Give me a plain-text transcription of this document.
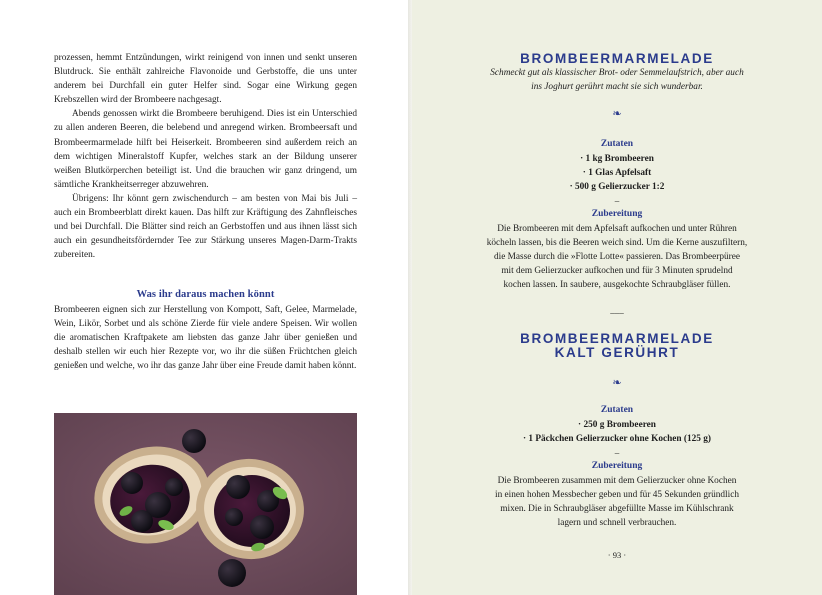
prozessen, hemmt Entzündungen, wirkt reinigend von innen und senkt unseren Blutdruck. Sie enthält zahlreiche Flavonoide und Gerbstoffe, die uns unter anderem bei Durchfall ein guter Helfer sind. Sogar eine Wirkung gegen Krebszellen wird der Brombeere nachgesagt.

Abends genossen wirkt die Brombeere beruhigend. Dies ist ein Unterschied zu allen anderen Beeren, die belebend und anregend wirken. Brombeersaft und Brombeermarmelade hilft bei Heiserkeit. Brombeeren sind außerdem reich an dem wichtigen Mineralstoff Kupfer, welches stark an der Bildung unserer weißen Blutkörperchen beteiligt ist. Und die brauchen wir ganz dringend, um sämtliche Krankheitserreger abzuwehren.

Übrigens: Ihr könnt gern zwischendurch – am besten von Mai bis Juli – auch ein Brombeerblatt direkt kauen. Das hilft zur Kräftigung des Zahnfleisches und bei Durchfall. Die Blätter sind reich an Gerbstoffen und aus ihnen lässt sich auch ein gesundheitsfördernder Tee zur Stärkung unseres Magen-Darm-Trakts zubereiten.

Was ihr daraus machen könnt
Brombeeren eignen sich zur Herstellung von Kompott, Saft, Gelee, Marmelade, Wein, Likör, Sorbet und als schöne Zierde für viele andere Speisen. Wir wollen die aromatischen Kraftpakete am liebsten das ganze Jahr über genießen und deshalb stellen wir euch hier Rezepte vor, wo ihr die süßen Früchtchen gleich genießen und welche, wo ihr das ganze Jahr über eine Freude damit haben könnt.
BROMBEERMARMELADE
Schmeckt gut als klassischer Brot- oder Semmelaufstrich, aber auch
ins Joghurt gerührt macht sie sich wunderbar.
❧
Zutaten
· 1 kg Brombeeren
· 1 Glas Apfelsaft
· 500 g Gelierzucker 1:2
–
Zubereitung
Die Brombeeren mit dem Apfelsaft aufkochen und unter Rühren
köcheln lassen, bis die Beeren weich sind. Um die Kerne auszufiltern,
die Masse durch die »Flotte Lotte« passieren. Das Brombeerpüree
mit dem Gelierzucker aufkochen und für 3 Minuten sprudelnd
kochen lassen. In saubere, ausgekochte Schraubgläser füllen.
–––
BROMBEERMARMELADE
KALT GERÜHRT
❧
Zutaten
· 250 g Brombeeren
· 1 Päckchen Gelierzucker ohne Kochen (125 g)
–
Zubereitung
Die Brombeeren zusammen mit dem Gelierzucker ohne Kochen
in einen hohen Messbecher geben und für 45 Sekunden gründlich
mixen. Die in Schraubgläser abgefüllte Masse im Kühlschrank
lagern und schnell verbrauchen.
· 93 ·
